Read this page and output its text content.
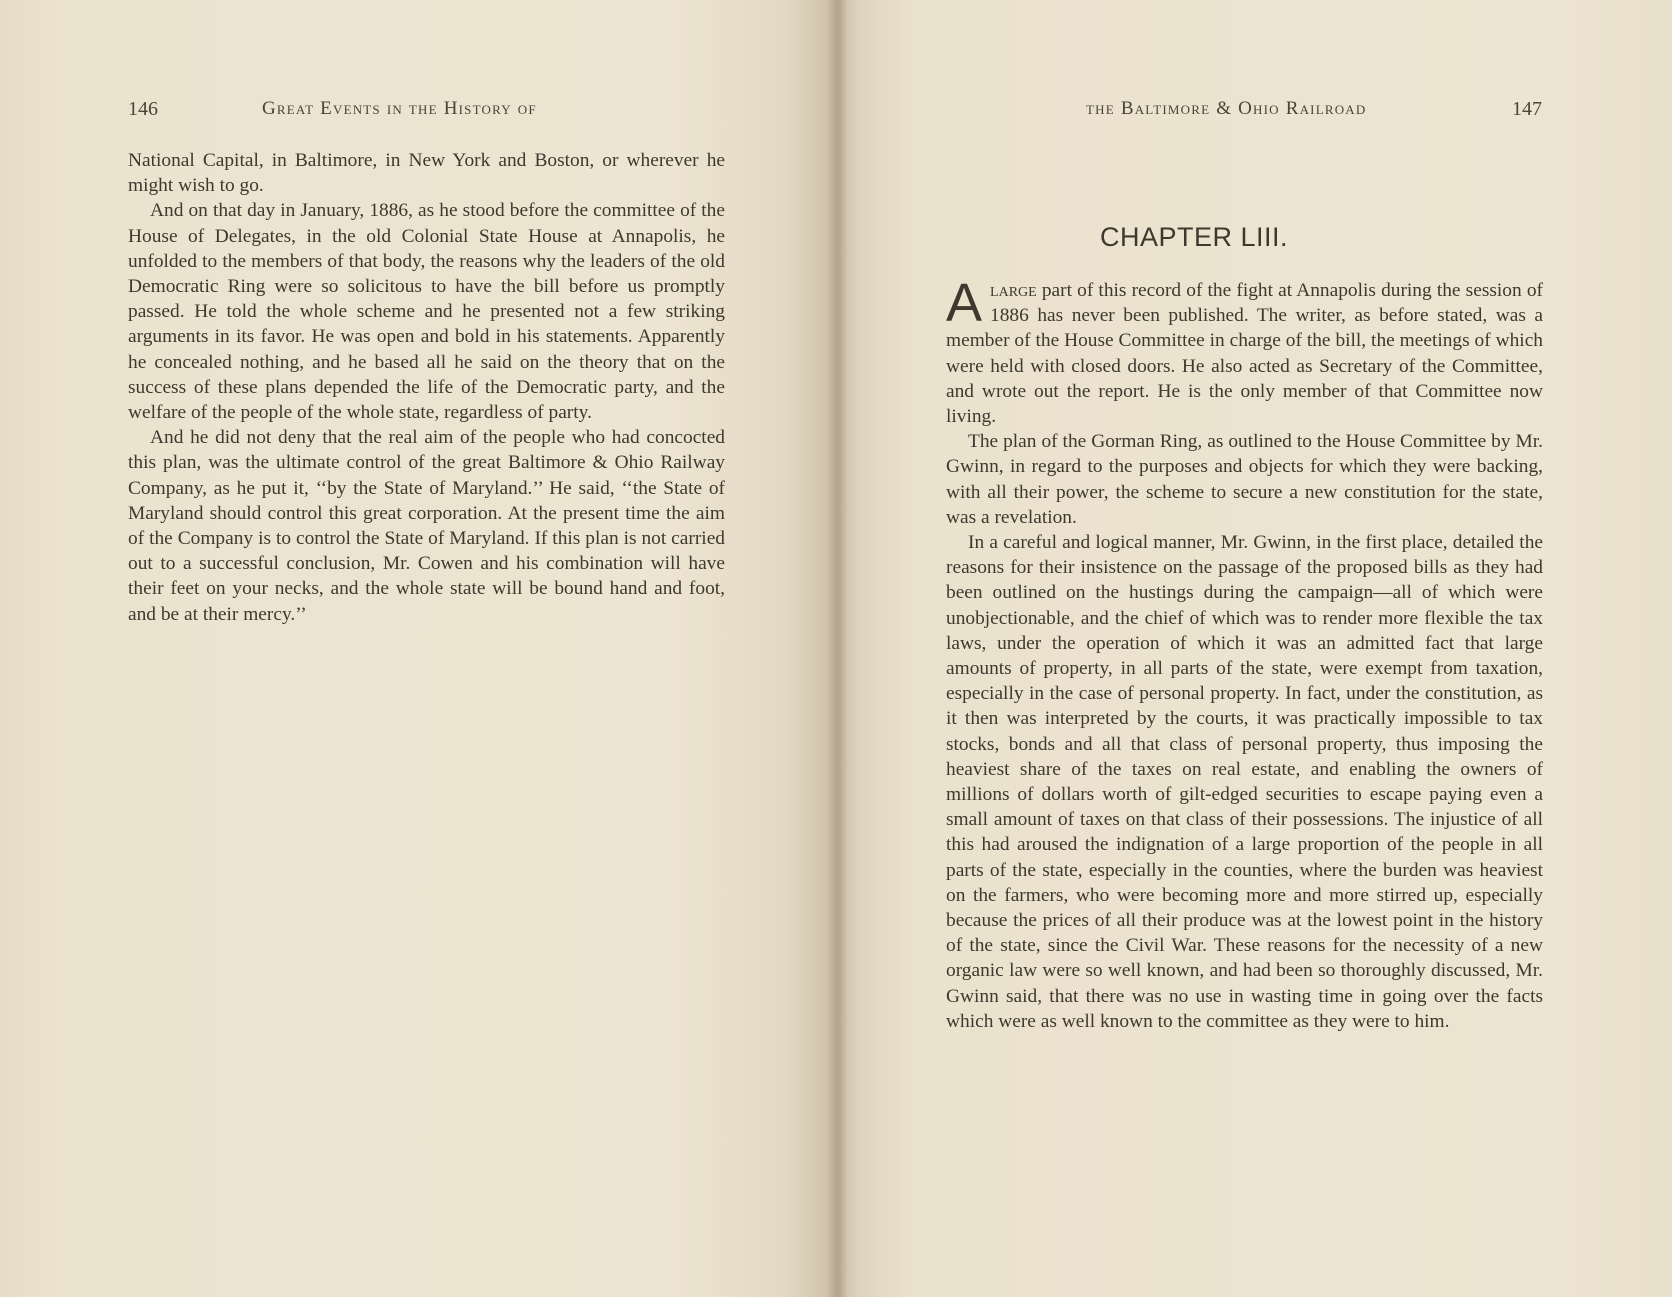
146	Great Events in the History of

National Capital, in Baltimore, in New York and Boston, or wherever he might wish to go.

And on that day in January, 1886, as he stood before the committee of the House of Delegates, in the old Colonial State House at Annapolis, he unfolded to the members of that body, the reasons why the leaders of the old Democratic Ring were so solicitous to have the bill before us promptly passed. He told the whole scheme and he presented not a few striking arguments in its favor. He was open and bold in his statements. Apparently he concealed nothing, and he based all he said on the theory that on the success of these plans depended the life of the Democratic party, and the welfare of the people of the whole state, regardless of party.

And he did not deny that the real aim of the people who had concocted this plan, was the ultimate control of the great Baltimore & Ohio Railway Company, as he put it, ‘‘by the State of Maryland.’’ He said, ‘‘the State of Maryland should control this great corporation. At the present time the aim of the Company is to control the State of Maryland. If this plan is not carried out to a successful conclusion, Mr. Cowen and his combination will have their feet on your necks, and the whole state will be bound hand and foot, and be at their mercy.’’

the Baltimore & Ohio Railroad	147
CHAPTER LIII.

Alarge part of this record of the fight at Annapolis during the session of 1886 has never been published. The writer, as before stated, was a member of the House Committee in charge of the bill, the meetings of which were held with closed doors. He also acted as Secretary of the Committee, and wrote out the report. He is the only member of that Committee now living.

The plan of the Gorman Ring, as outlined to the House Committee by Mr. Gwinn, in regard to the purposes and objects for which they were backing, with all their power, the scheme to secure a new constitution for the state, was a revelation.

In a careful and logical manner, Mr. Gwinn, in the first place, detailed the reasons for their insistence on the passage of the proposed bills as they had been outlined on the hustings during the campaign—all of which were unobjectionable, and the chief of which was to render more flexible the tax laws, under the operation of which it was an admitted fact that large amounts of property, in all parts of the state, were exempt from taxation, especially in the case of personal property. In fact, under the constitution, as it then was interpreted by the courts, it was practically impossible to tax stocks, bonds and all that class of personal property, thus imposing the heaviest share of the taxes on real estate, and enabling the owners of millions of dollars worth of gilt-edged securities to escape paying even a small amount of taxes on that class of their possessions. The injustice of all this had aroused the indignation of a large proportion of the people in all parts of the state, especially in the counties, where the burden was heaviest on the farmers, who were becoming more and more stirred up, especially because the prices of all their produce was at the lowest point in the history of the state, since the Civil War. These reasons for the necessity of a new organic law were so well known, and had been so thoroughly discussed, Mr. Gwinn said, that there was no use in wasting time in going over the facts which were as well known to the committee as they were to him.
